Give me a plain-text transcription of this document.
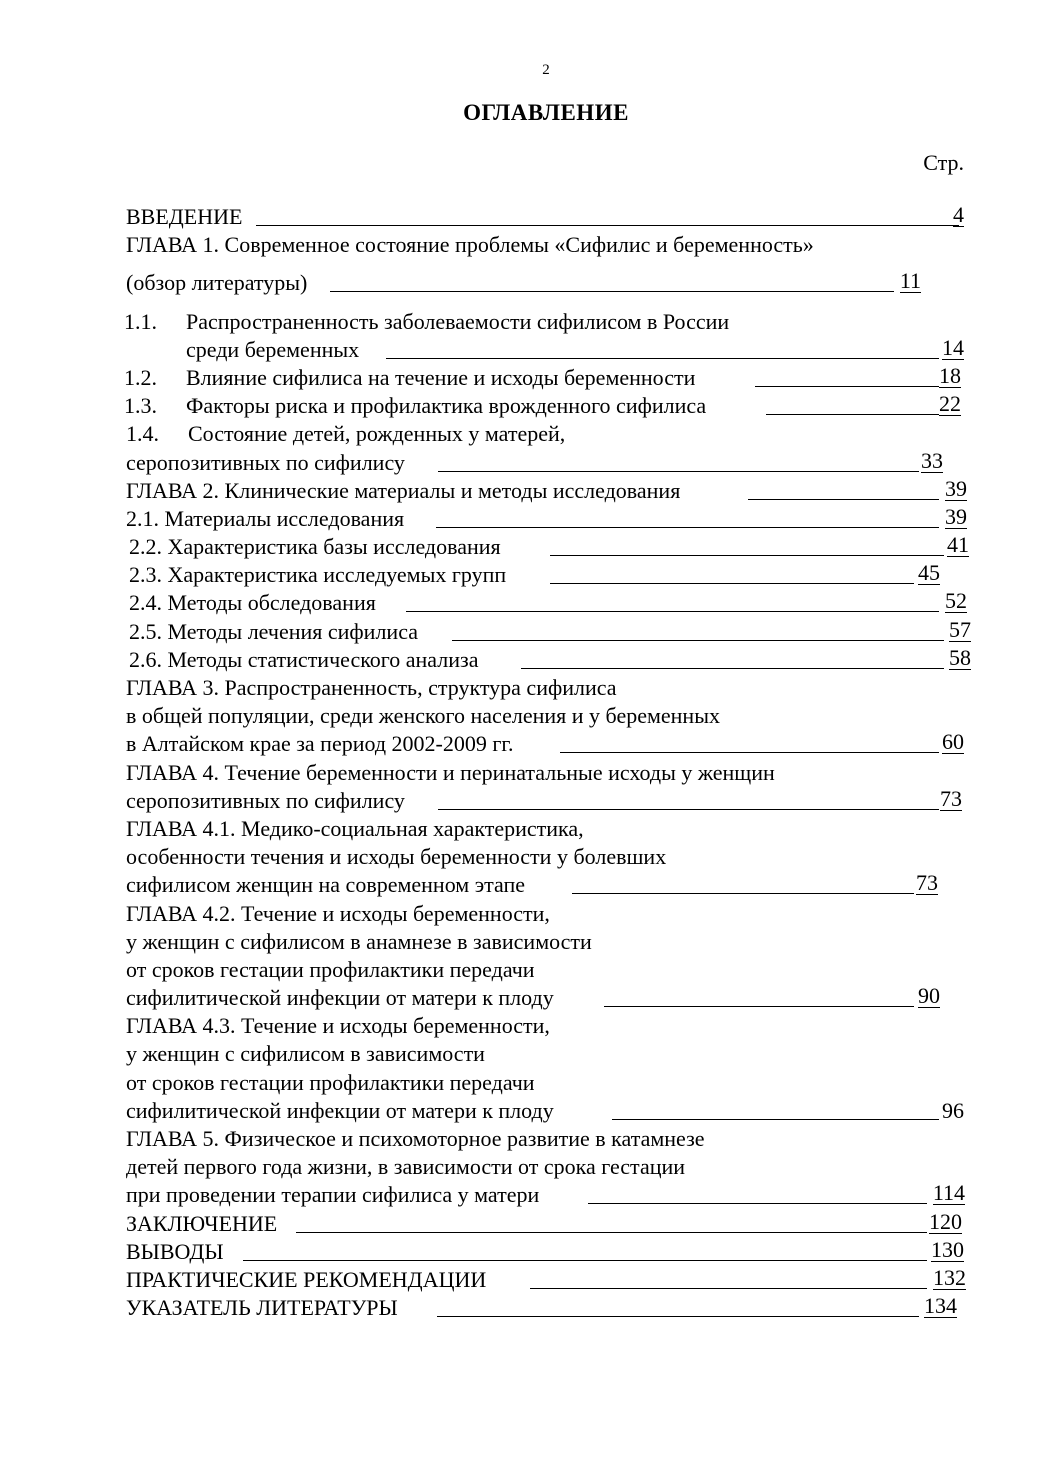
2
ОГЛАВЛЕНИЕ
Стр.
ВВЕДЕНИЕ	4
ГЛАВА 1. Современное состояние проблемы «Сифилис и беременность»
(обзор литературы)	11
1.1. Распространенность заболеваемости сифилисом в России
среди беременных	14
1.2. Влияние сифилиса на течение и исходы беременности	18
1.3. Факторы риска и профилактика врожденного сифилиса	22
1.4. Состояние детей, рожденных у матерей,
серопозитивных по сифилису	33
ГЛАВА 2. Клинические материалы и методы исследования	39
2.1. Материалы исследования	39
2.2. Характеристика базы исследования	41
2.3. Характеристика исследуемых групп	45
2.4. Методы обследования	52
2.5. Методы лечения сифилиса	57
2.6. Методы статистического анализа	58
ГЛАВА 3. Распространенность, структура сифилиса
в общей популяции, среди женского населения и у беременных
в Алтайском крае за период 2002-2009 гг.	60
ГЛАВА 4. Течение беременности и перинатальные исходы у женщин
серопозитивных по сифилису	73
ГЛАВА 4.1. Медико-социальная характеристика,
особенности течения и исходы беременности у болевших
сифилисом женщин на современном этапе	73
ГЛАВА 4.2. Течение и исходы беременности,
у женщин с сифилисом в анамнезе в зависимости
от сроков гестации профилактики передачи
сифилитической инфекции от матери к плоду	90
ГЛАВА 4.3. Течение и исходы беременности,
у женщин с сифилисом в зависимости
от сроков гестации профилактики передачи
сифилитической инфекции от матери к плоду	96
ГЛАВА 5. Физическое и психомоторное развитие в катамнезе
детей первого года жизни, в зависимости от срока гестации
при проведении терапии сифилиса у матери	114
ЗАКЛЮЧЕНИЕ	120
ВЫВОДЫ	130
ПРАКТИЧЕСКИЕ РЕКОМЕНДАЦИИ	132
УКАЗАТЕЛЬ ЛИТЕРАТУРЫ	134
